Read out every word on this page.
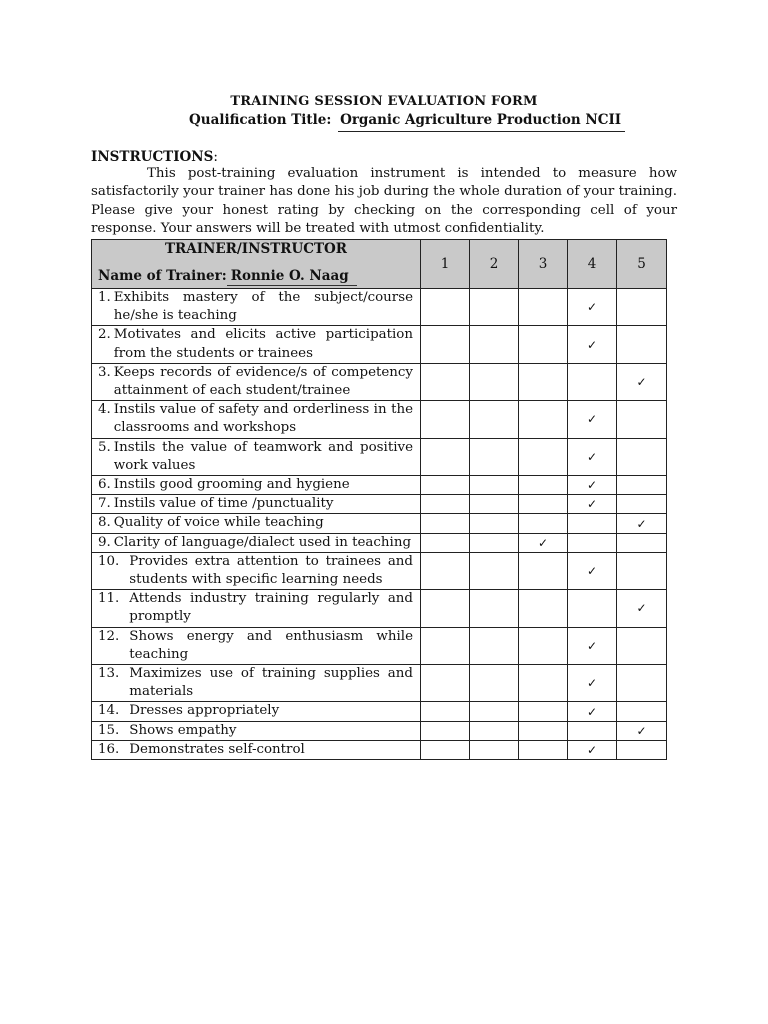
TRAINING SESSION EVALUATION FORM
Qualification Title: Organic Agriculture Production NCII
INSTRUCTIONS:
This post-training evaluation instrument is intended to measure how satisfactorily your trainer has done his job during the whole duration of your training. Please give your honest rating by checking on the corresponding cell of your response. Your answers will be treated with utmost confidentiality.
TRAINER/INSTRUCTOR
Name of Trainer: Ronnie O. Naag	1	2	3	4	5

1. Exhibits mastery of the subject/course he/she is teaching				✓	

2. Motivates and elicits active participation from the students or trainees				✓	

3. Keeps records of evidence/s of competency attainment of each student/trainee					✓

4. Instils value of safety and orderliness in the classrooms and workshops				✓	

5. Instils the value of teamwork and positive work values				✓	

6. Instils good grooming and hygiene				✓	

7. Instils value of time /punctuality				✓	

8. Quality of voice while teaching					✓

9. Clarity of language/dialect used in teaching			✓		

10. Provides extra attention to trainees and students with specific learning needs				✓	

11. Attends industry training regularly and promptly					✓

12. Shows energy and enthusiasm while teaching				✓	

13. Maximizes use of training supplies and materials				✓	

14. Dresses appropriately				✓	

15. Shows empathy					✓

16. Demonstrates self-control				✓	
